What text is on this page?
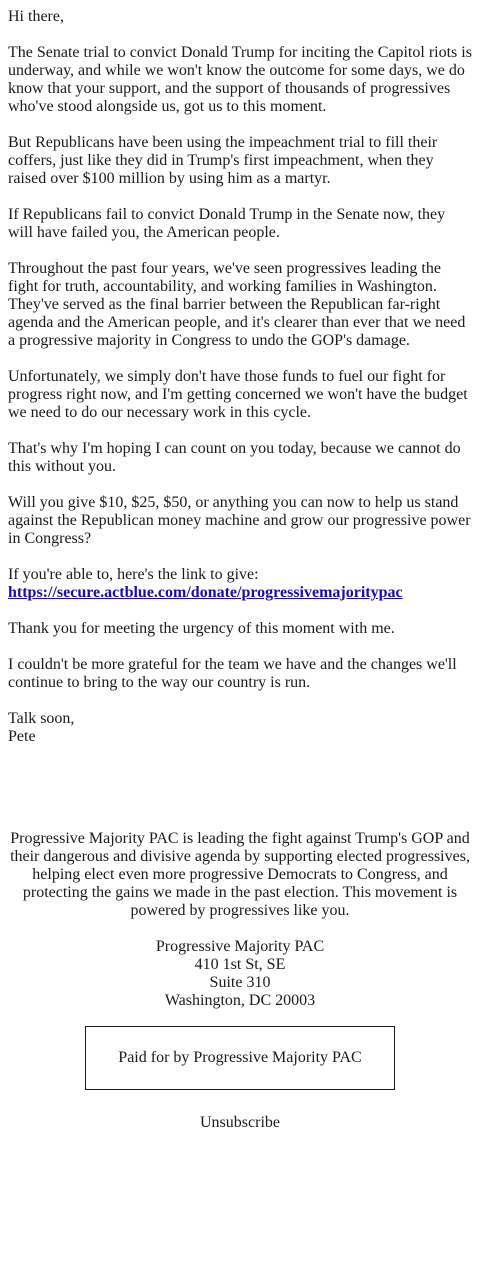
Hi there,

The Senate trial to convict Donald Trump for inciting the Capitol riots is underway, and while we won't know the outcome for some days, we do know that your support, and the support of thousands of progressives who've stood alongside us, got us to this moment.

But Republicans have been using the impeachment trial to fill their coffers, just like they did in Trump's first impeachment, when they raised over $100 million by using him as a martyr.

If Republicans fail to convict Donald Trump in the Senate now, they will have failed you, the American people.

Throughout the past four years, we've seen progressives leading the fight for truth, accountability, and working families in Washington. They've served as the final barrier between the Republican far-right agenda and the American people, and it's clearer than ever that we need a progressive majority in Congress to undo the GOP's damage.

Unfortunately, we simply don't have those funds to fuel our fight for progress right now, and I'm getting concerned we won't have the budget we need to do our necessary work in this cycle.

That's why I'm hoping I can count on you today, because we cannot do this without you.

Will you give $10, $25, $50, or anything you can now to help us stand against the Republican money machine and grow our progressive power in Congress?

If you're able to, here's the link to give:
https://secure.actblue.com/donate/progressivemajoritypac

Thank you for meeting the urgency of this moment with me.

I couldn't be more grateful for the team we have and the changes we'll continue to bring to the way our country is run.

Talk soon,
Pete

Progressive Majority PAC is leading the fight against Trump's GOP and their dangerous and divisive agenda by supporting elected progressives, helping elect even more progressive Democrats to Congress, and protecting the gains we made in the past election. This movement is powered by progressives like you.

Progressive Majority PAC
410 1st St, SE
Suite 310
Washington, DC 20003
Paid for by Progressive Majority PAC
Unsubscribe
